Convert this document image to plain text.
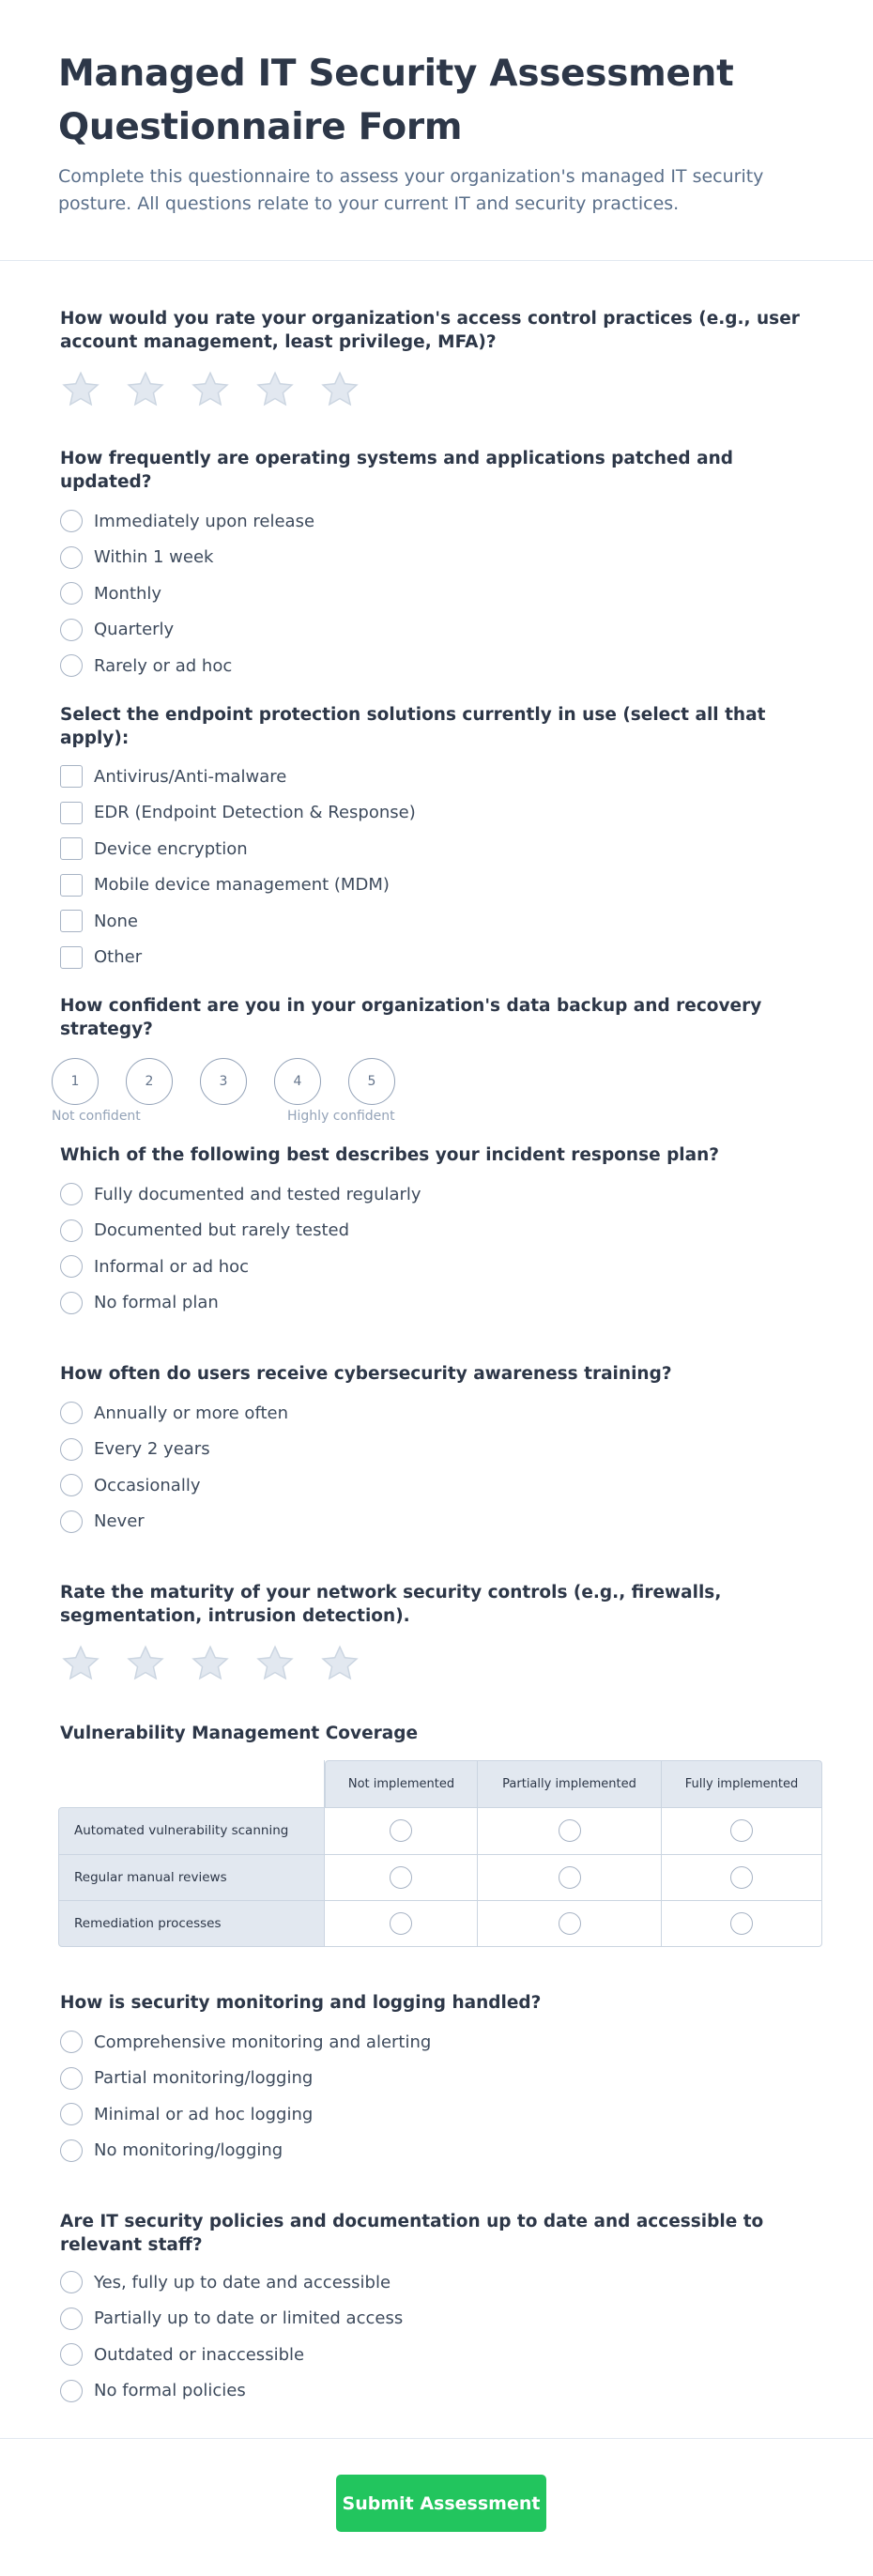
Managed IT Security Assessment Questionnaire Form

Complete this questionnaire to assess your organization's managed IT security posture. All questions relate to your current IT and security practices.

How would you rate your organization's access control practices (e.g., user account management, least privilege, MFA)?
How frequently are operating systems and applications patched and updated?
Immediately upon release
Within 1 week
Monthly
Quarterly
Rarely or ad hoc
Select the endpoint protection solutions currently in use (select all that apply):
Antivirus/Anti-malware
EDR (Endpoint Detection & Response)
Device encryption
Mobile device management (MDM)
None
Other
How confident are you in your organization's data backup and recovery strategy?
1	2	3	4	5
Not confident	Highly confident
Which of the following best describes your incident response plan?
Fully documented and tested regularly
Documented but rarely tested
Informal or ad hoc
No formal plan
How often do users receive cybersecurity awareness training?
Annually or more often
Every 2 years
Occasionally
Never
Rate the maturity of your network security controls (e.g., firewalls, segmentation, intrusion detection).
Vulnerability Management Coverage
	Not implemented	Partially implemented	Fully implemented
Automated vulnerability scanning			
Regular manual reviews			
Remediation processes			
How is security monitoring and logging handled?
Comprehensive monitoring and alerting
Partial monitoring/logging
Minimal or ad hoc logging
No monitoring/logging
Are IT security policies and documentation up to date and accessible to relevant staff?
Yes, fully up to date and accessible
Partially up to date or limited access
Outdated or inaccessible
No formal policies
Submit Assessment
